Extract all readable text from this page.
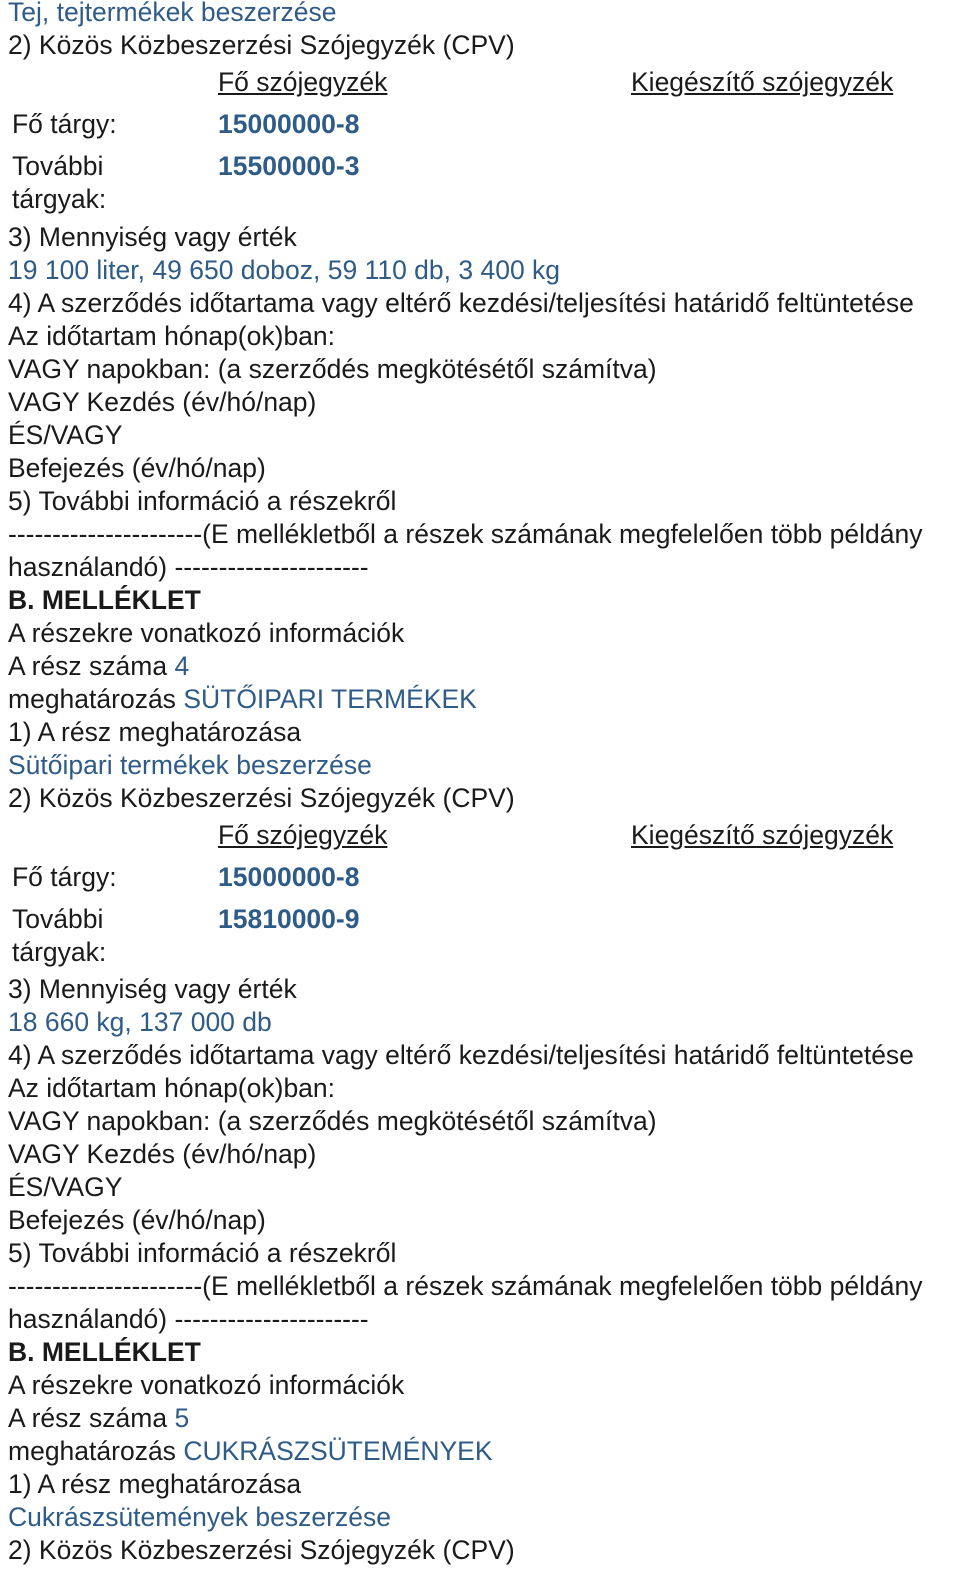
Tej, tejtermékek beszerzése
2) Közös Közbeszerzési Szójegyzék (CPV)
Fő szójegyzék	Kiegészítő szójegyzék
Fő tárgy:	15000000-8
További tárgyak:
15500000-3
3) Mennyiség vagy érték
19 100 liter, 49 650 doboz, 59 110 db, 3 400 kg
4) A szerződés időtartama vagy eltérő kezdési/teljesítési határidő feltüntetése
Az időtartam hónap(ok)ban:
VAGY napokban: (a szerződés megkötésétől számítva)
VAGY Kezdés (év/hó/nap)
ÉS/VAGY
Befejezés (év/hó/nap)
5) További információ a részekről
----------------------(E mellékletből a részek számának megfelelően több példány
használandó) ----------------------
B. MELLÉKLET
A részekre vonatkozó információk
A rész száma 4
meghatározás SÜTŐIPARI TERMÉKEK
1) A rész meghatározása
Sütőipari termékek beszerzése
2) Közös Közbeszerzési Szójegyzék (CPV)
Fő szójegyzék	Kiegészítő szójegyzék
Fő tárgy:	15000000-8
További tárgyak:
15810000-9
3) Mennyiség vagy érték
18 660 kg, 137 000 db
4) A szerződés időtartama vagy eltérő kezdési/teljesítési határidő feltüntetése
Az időtartam hónap(ok)ban:
VAGY napokban: (a szerződés megkötésétől számítva)
VAGY Kezdés (év/hó/nap)
ÉS/VAGY
Befejezés (év/hó/nap)
5) További információ a részekről
----------------------(E mellékletből a részek számának megfelelően több példány
használandó) ----------------------
B. MELLÉKLET
A részekre vonatkozó információk
A rész száma 5
meghatározás CUKRÁSZSÜTEMÉNYEK
1) A rész meghatározása
Cukrászsütemények beszerzése
2) Közös Közbeszerzési Szójegyzék (CPV)
